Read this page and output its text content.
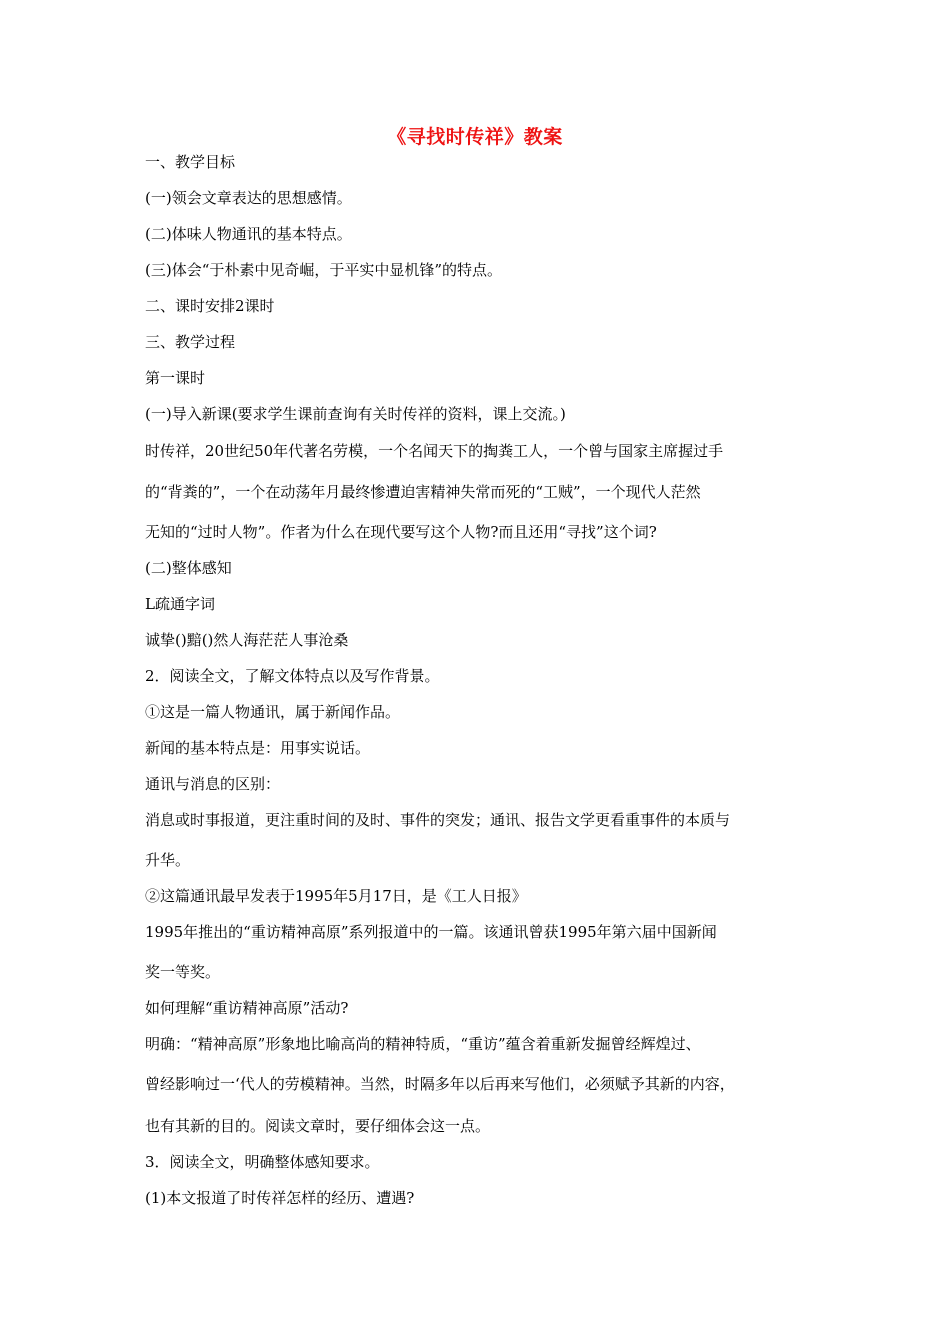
《寻找时传祥》教案
一、教学目标
(一)领会文章表达的思想感情。
(二)体味人物通讯的基本特点。
(三)体会“于朴素中见奇崛，于平实中显机锋”的特点。
二、课时安排2课时
三、教学过程
第一课时
(一)导入新课(要求学生课前查询有关时传祥的资料，课上交流。)
时传祥，20世纪50年代著名劳模，一个名闻天下的掏粪工人，一个曾与国家主席握过手
的“背粪的”，一个在动荡年月最终惨遭迫害精神失常而死的“工贼”，一个现代人茫然
无知的“过时人物”。作者为什么在现代要写这个人物?而且还用“寻找”这个词?
(二)整体感知
L疏通字词
诚挚()黯()然人海茫茫人事沧桑
2．阅读全文，了解文体特点以及写作背景。
①这是一篇人物通讯，属于新闻作品。
新闻的基本特点是：用事实说话。
通讯与消息的区别：
消息或时事报道，更注重时间的及时、事件的突发；通讯、报告文学更看重事件的本质与
升华。
②这篇通讯最早发表于1995年5月17日，是《工人日报》
1995年推出的“重访精神高原”系列报道中的一篇。该通讯曾获1995年第六届中国新闻
奖一等奖。
如何理解“重访精神高原”活动?
明确：“精神高原”形象地比喻高尚的精神特质，“重访”蕴含着重新发掘曾经辉煌过、
曾经影响过一‘代人的劳模精神。当然，时隔多年以后再来写他们，必须赋予其新的内容，
也有其新的目的。阅读文章时，要仔细体会这一点。
3．阅读全文，明确整体感知要求。
(1)本文报道了时传祥怎样的经历、遭遇?
